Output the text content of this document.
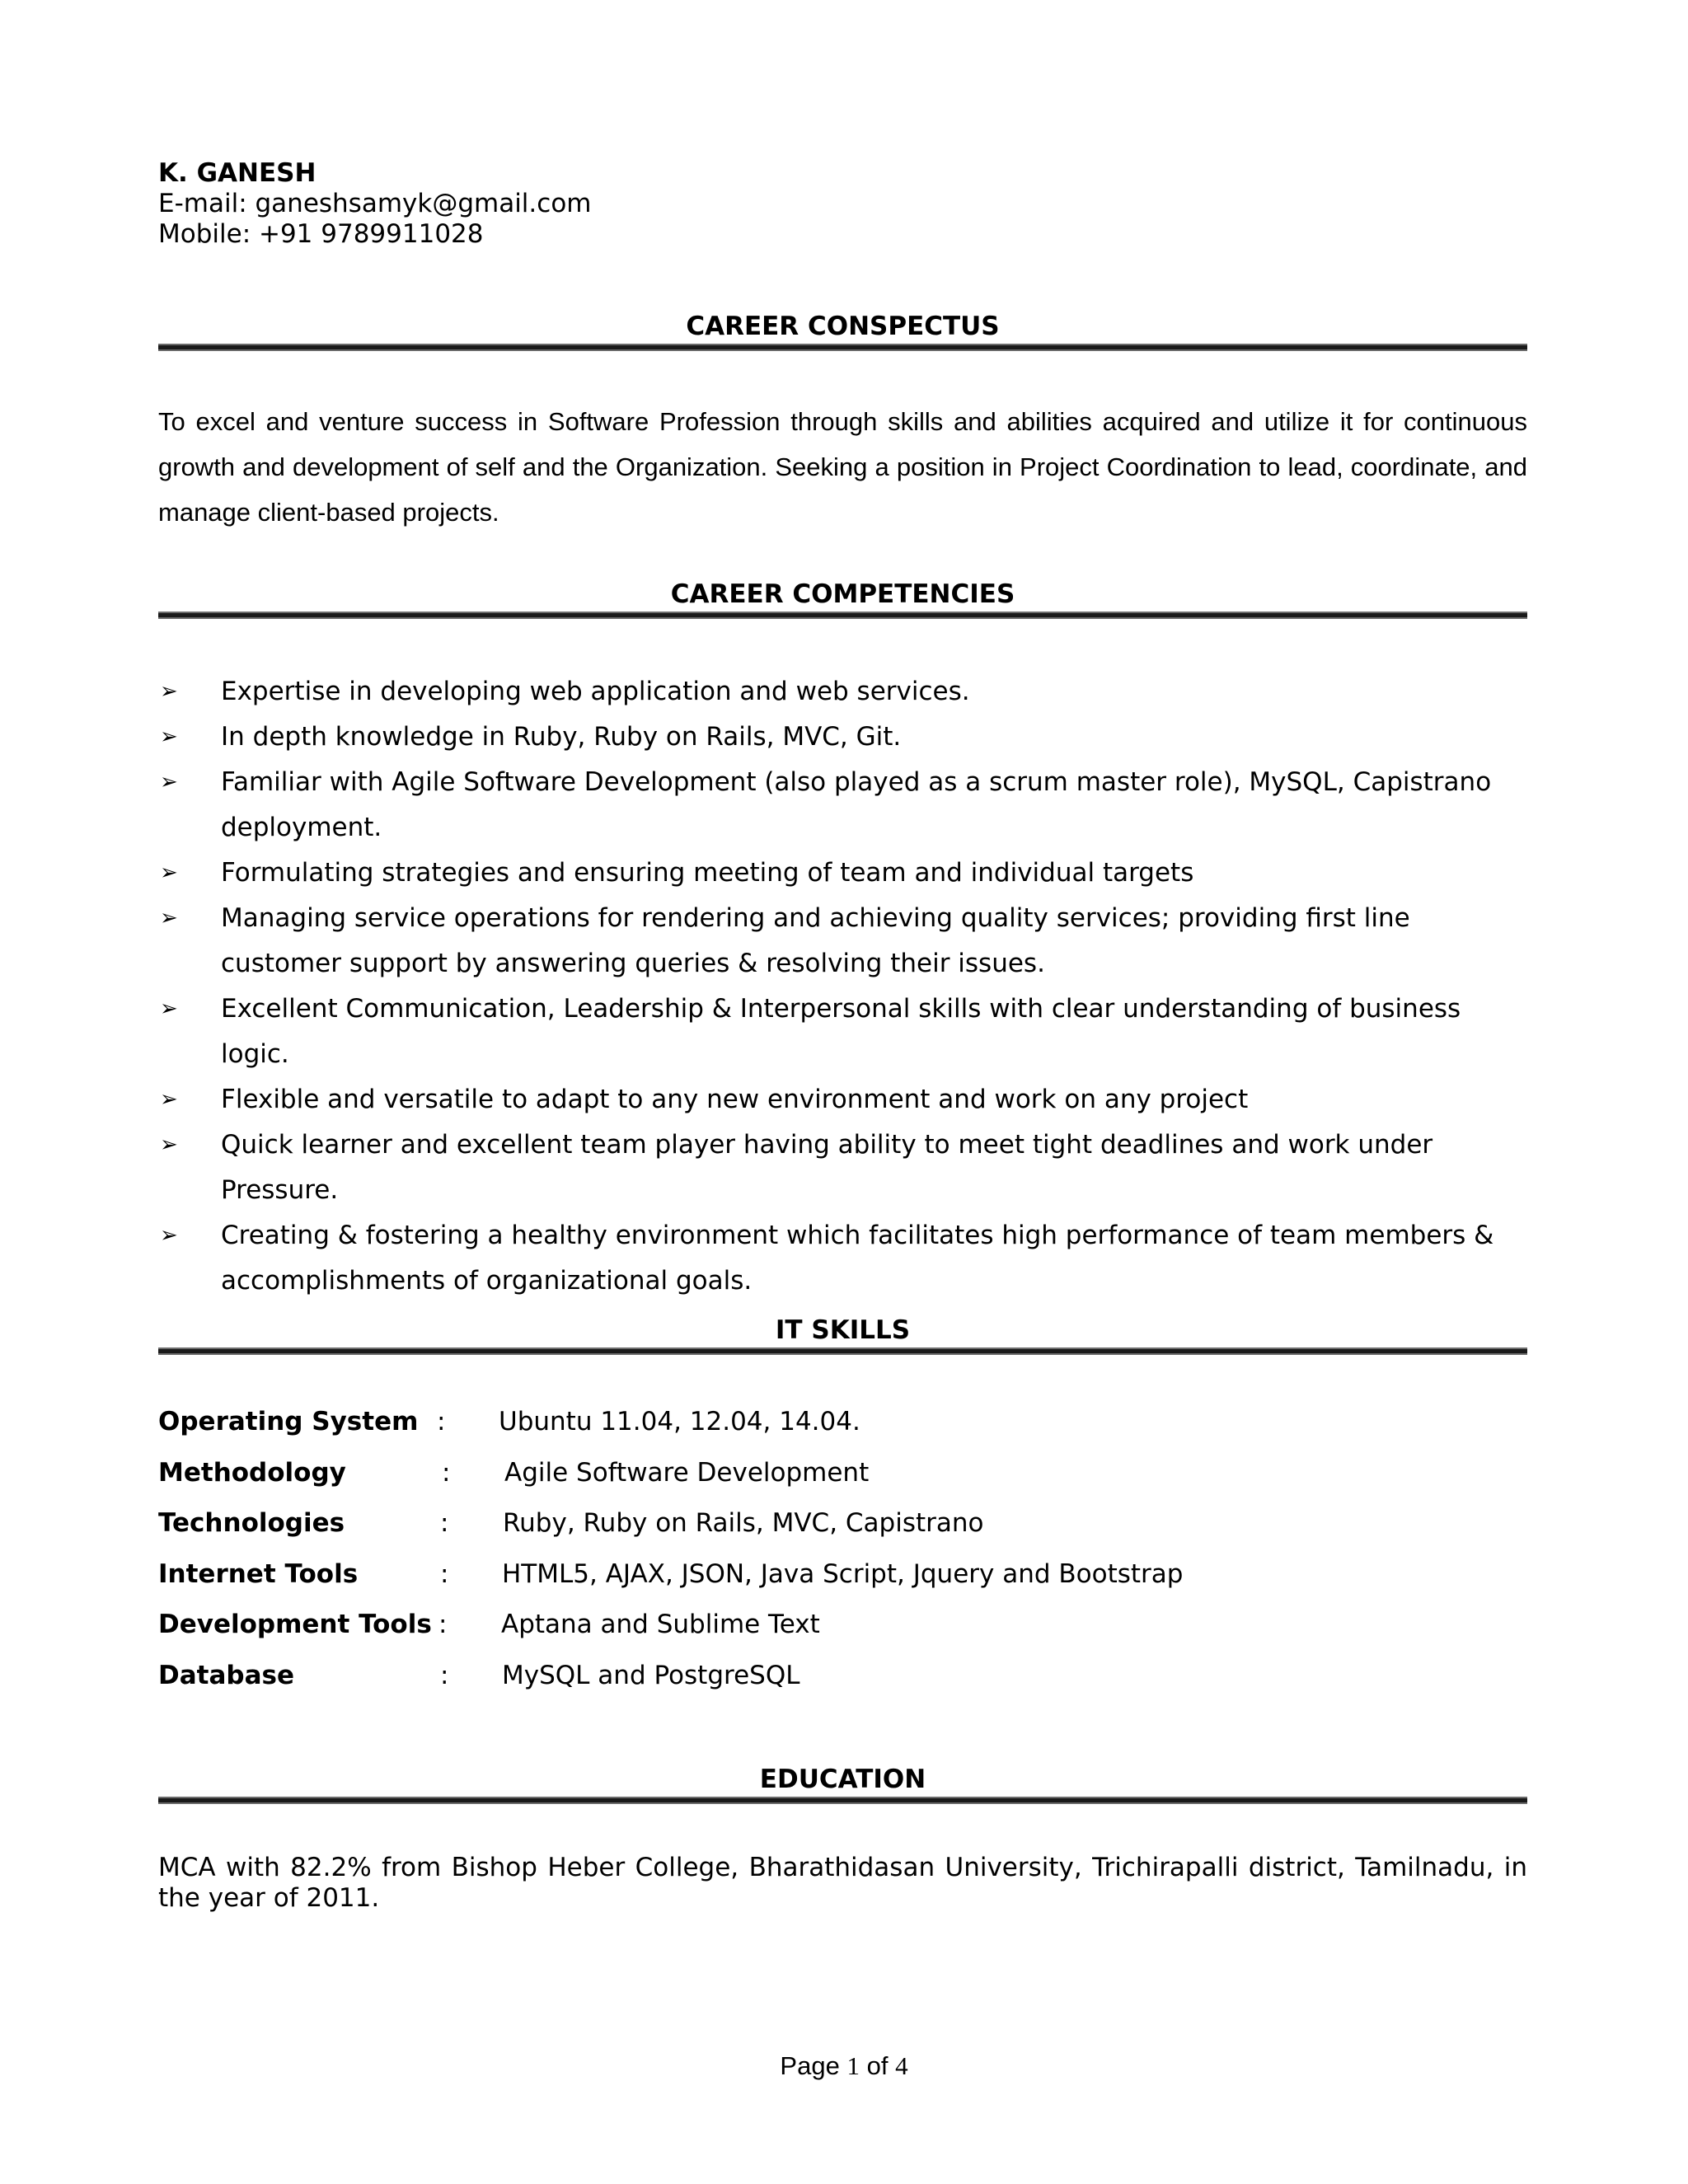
K. GANESH
E-mail: ganeshsamyk@gmail.com
Mobile: +91 9789911028
CAREER CONSPECTUS
To excel and venture success in Software Profession through skills and abilities acquired and utilize it for continuous growth and development of self and the Organization. Seeking a position in Project Coordination to lead, coordinate, and manage client-based projects.
CAREER COMPETENCIES
➢ Expertise in developing web application and web services.
➢ In depth knowledge in Ruby, Ruby on Rails, MVC, Git.
➢ Familiar with Agile Software Development (also played as a scrum master role), MySQL, Capistrano deployment.
➢ Formulating strategies and ensuring meeting of team and individual targets
➢ Managing service operations for rendering and achieving quality services; providing first line customer support by answering queries & resolving their issues.
➢ Excellent Communication, Leadership & Interpersonal skills with clear understanding of business logic.
➢ Flexible and versatile to adapt to any new environment and work on any project
➢ Quick learner and excellent team player having ability to meet tight deadlines and work under Pressure.
➢ Creating & fostering a healthy environment which facilitates high performance of team members & accomplishments of organizational goals.
IT SKILLS
Operating System : Ubuntu 11.04, 12.04, 14.04.
Methodology	: Agile Software Development
Technologies	: Ruby, Ruby on Rails, MVC, Capistrano
Internet Tools	: HTML5, AJAX, JSON, Java Script, Jquery and Bootstrap
Development Tools : Aptana and Sublime Text
Database	: MySQL and PostgreSQL
EDUCATION
MCA with 82.2% from Bishop Heber College, Bharathidasan University, Trichirapalli district, Tamilnadu, in the year of 2011.
Page 1 of 4
